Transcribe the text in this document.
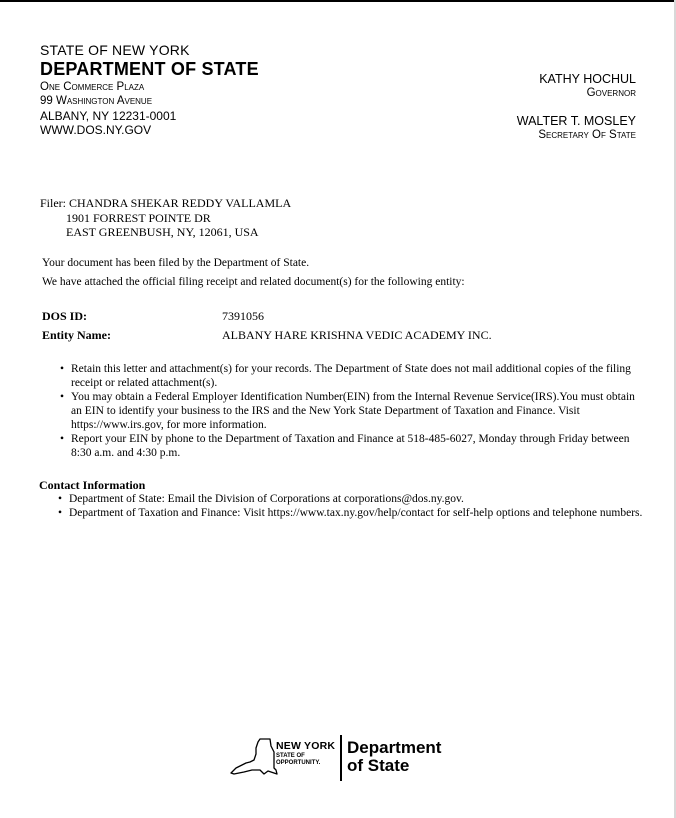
STATE OF NEW YORK
DEPARTMENT OF STATE
One Commerce Plaza
99 Washington Avenue
ALBANY, NY 12231-0001
WWW.DOS.NY.GOV
KATHY HOCHUL
Governor
WALTER T. MOSLEY
Secretary Of State
Filer: CHANDRA SHEKAR REDDY VALLAMLA
1901 FORREST POINTE DR
EAST GREENBUSH, NY, 12061, USA
Your document has been filed by the Department of State.
We have attached the official filing receipt and related document(s) for the following entity:
DOS ID:	7391056
Entity Name:	ALBANY HARE KRISHNA VEDIC ACADEMY INC.
• Retain this letter and attachment(s) for your records. The Department of State does not mail additional copies of the filing receipt or related attachment(s).
• You may obtain a Federal Employer Identification Number(EIN) from the Internal Revenue Service(IRS).You must obtain an EIN to identify your business to the IRS and the New York State Department of Taxation and Finance. Visit https://www.irs.gov, for more information.
• Report your EIN by phone to the Department of Taxation and Finance at 518-485-6027, Monday through Friday between 8:30 a.m. and 4:30 p.m.
Contact Information
• Department of State: Email the Division of Corporations at corporations@dos.ny.gov.
• Department of Taxation and Finance: Visit https://www.tax.ny.gov/help/contact for self-help options and telephone numbers.
NEW YORK
STATE OF
OPPORTUNITY.
Department
of State
